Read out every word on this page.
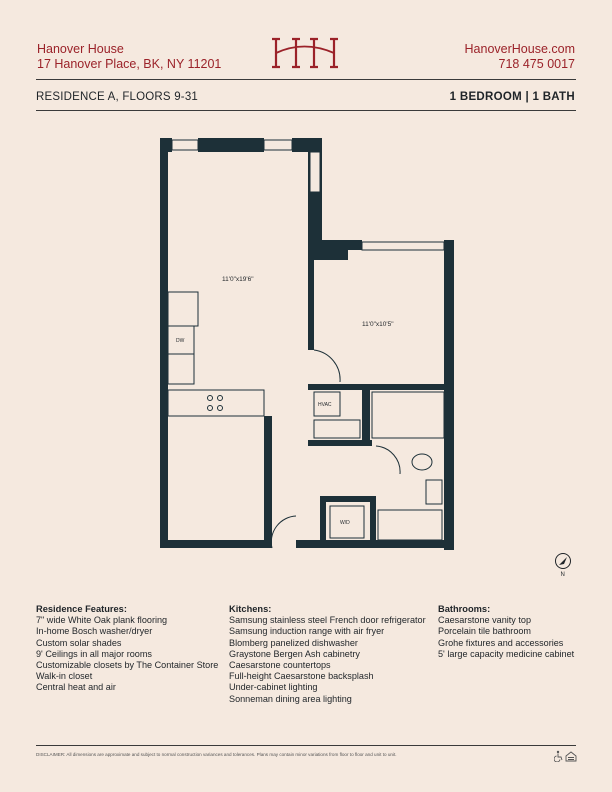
Hanover House
17 Hanover Place, BK, NY 11201
HanoverHouse.com
718 475 0017
RESIDENCE A, FLOORS 9-31	1 BEDROOM | 1 BATH
11'0"x19'6"
11'0"x10'5"
DW
HVAC
W/D
N
Residence Features:
7" wide White Oak plank flooring
In-home Bosch washer/dryer
Custom solar shades
9' Ceilings in all major rooms
Customizable closets by The Container Store
Walk-in closet
Central heat and air
Kitchens:
Samsung stainless steel French door refrigerator
Samsung induction range with air fryer
Blomberg panelized dishwasher
Graystone Bergen Ash cabinetry
Caesarstone countertops
Full-height Caesarstone backsplash
Under-cabinet lighting
Sonneman dining area lighting
Bathrooms:
Caesarstone vanity top
Porcelain tile bathroom
Grohe fixtures and accessories
5' large capacity medicine cabinet
DISCLAIMER: All dimensions are approximate and subject to normal construction variances and tolerances. Plans may contain minor variations from floor to floor and unit to unit.
